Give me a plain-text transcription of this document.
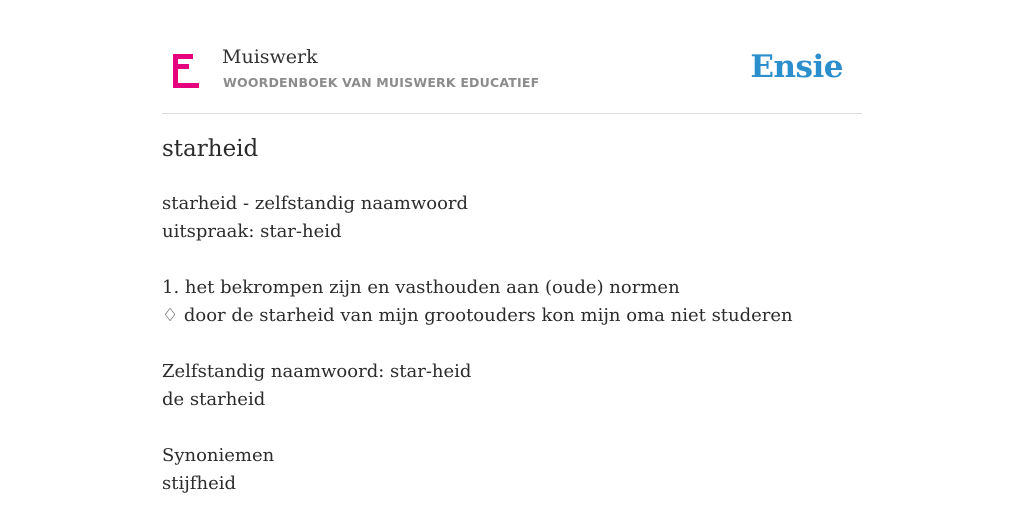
Muiswerk
WOORDENBOEK VAN MUISWERK EDUCATIEF	Ensie
starheid
starheid - zelfstandig naamwoord
uitspraak: star-heid
1. het bekrompen zijn en vasthouden aan (oude) normen
♢ door de starheid van mijn grootouders kon mijn oma niet studeren
Zelfstandig naamwoord: star-heid
de starheid
Synoniemen
stijfheid
